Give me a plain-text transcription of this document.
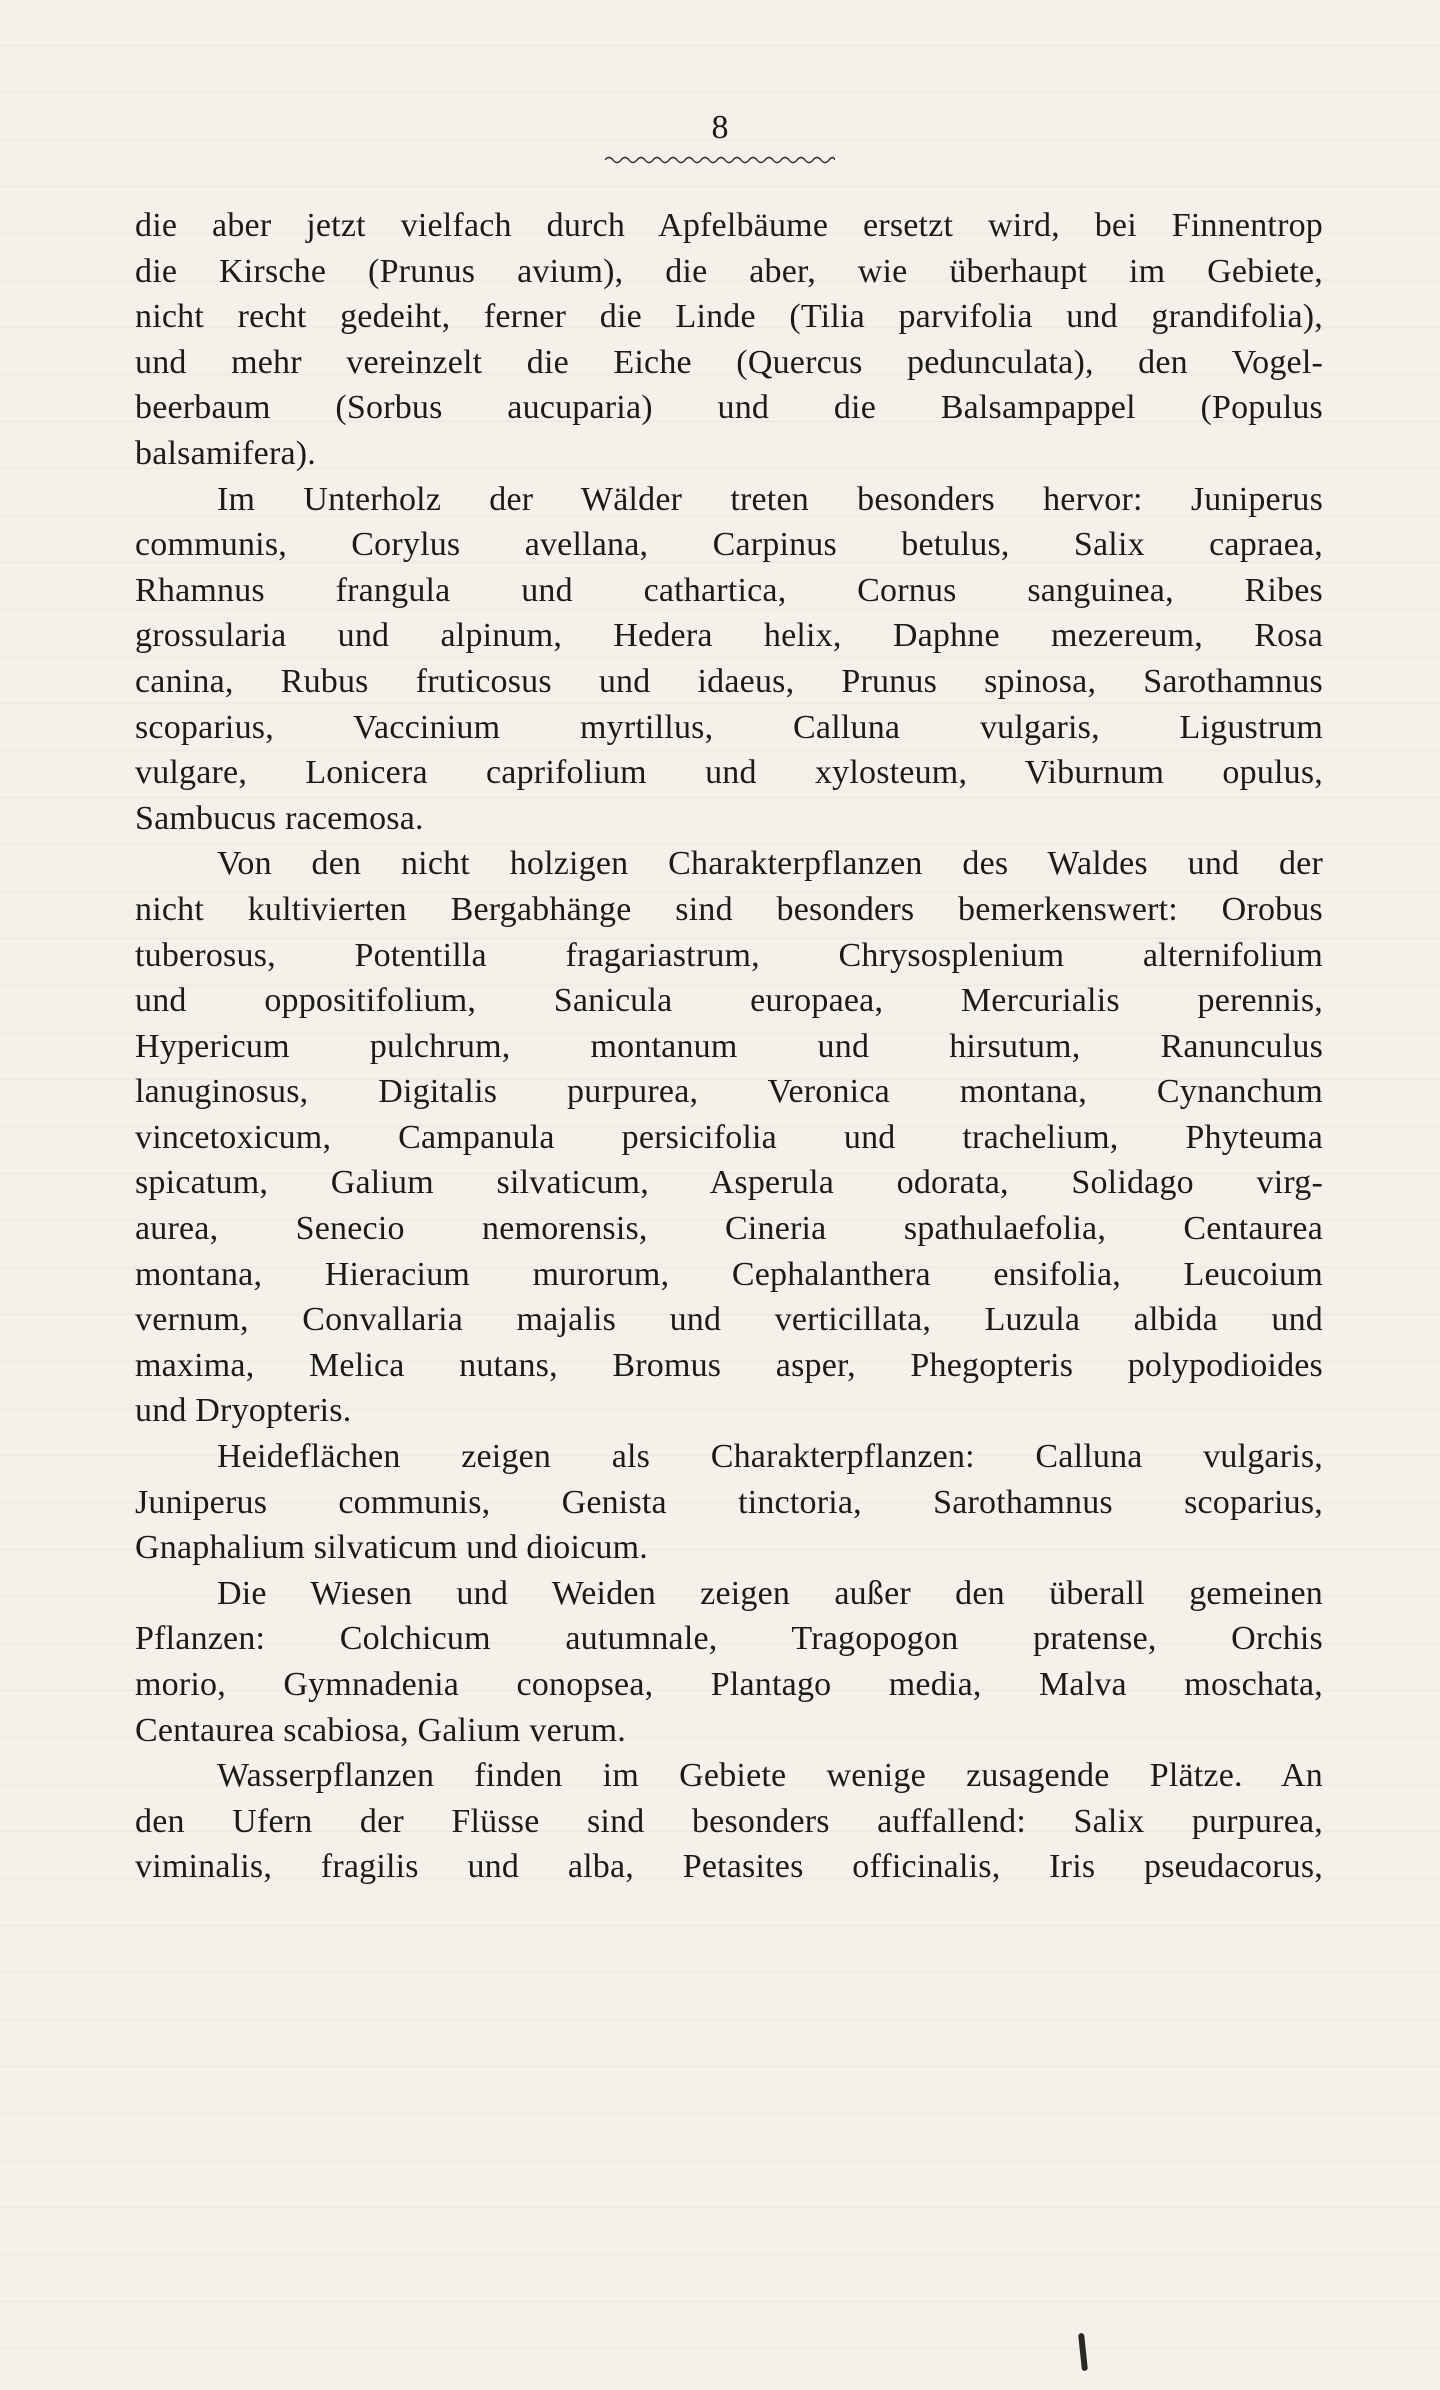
8
die aber jetzt vielfach durch Apfelbäume ersetzt wird, bei Finnentrop
die Kirsche (Prunus avium), die aber, wie überhaupt im Gebiete,
nicht recht gedeiht, ferner die Linde (Tilia parvifolia und grandifolia),
und mehr vereinzelt die Eiche (Quercus pedunculata), den Vogel-
beerbaum (Sorbus aucuparia) und die Balsampappel (Populus
balsamifera).
Im Unterholz der Wälder treten besonders hervor: Juniperus
communis, Corylus avellana, Carpinus betulus, Salix capraea,
Rhamnus frangula und cathartica, Cornus sanguinea, Ribes
grossularia und alpinum, Hedera helix, Daphne mezereum, Rosa
canina, Rubus fruticosus und idaeus, Prunus spinosa, Sarothamnus
scoparius, Vaccinium myrtillus, Calluna vulgaris, Ligustrum
vulgare, Lonicera caprifolium und xylosteum, Viburnum opulus,
Sambucus racemosa.
Von den nicht holzigen Charakterpflanzen des Waldes und der
nicht kultivierten Bergabhänge sind besonders bemerkenswert: Orobus
tuberosus, Potentilla fragariastrum, Chrysosplenium alternifolium
und oppositifolium, Sanicula europaea, Mercurialis perennis,
Hypericum pulchrum, montanum und hirsutum, Ranunculus
lanuginosus, Digitalis purpurea, Veronica montana, Cynanchum
vincetoxicum, Campanula persicifolia und trachelium, Phyteuma
spicatum, Galium silvaticum, Asperula odorata, Solidago virg-
aurea, Senecio nemorensis, Cineria spathulaefolia, Centaurea
montana, Hieracium murorum, Cephalanthera ensifolia, Leucoium
vernum, Convallaria majalis und verticillata, Luzula albida und
maxima, Melica nutans, Bromus asper, Phegopteris polypodioides
und Dryopteris.
Heideflächen zeigen als Charakterpflanzen: Calluna vulgaris,
Juniperus communis, Genista tinctoria, Sarothamnus scoparius,
Gnaphalium silvaticum und dioicum.
Die Wiesen und Weiden zeigen außer den überall gemeinen
Pflanzen: Colchicum autumnale, Tragopogon pratense, Orchis
morio, Gymnadenia conopsea, Plantago media, Malva moschata,
Centaurea scabiosa, Galium verum.
Wasserpflanzen finden im Gebiete wenige zusagende Plätze. An
den Ufern der Flüsse sind besonders auffallend: Salix purpurea,
viminalis, fragilis und alba, Petasites officinalis, Iris pseudacorus,
